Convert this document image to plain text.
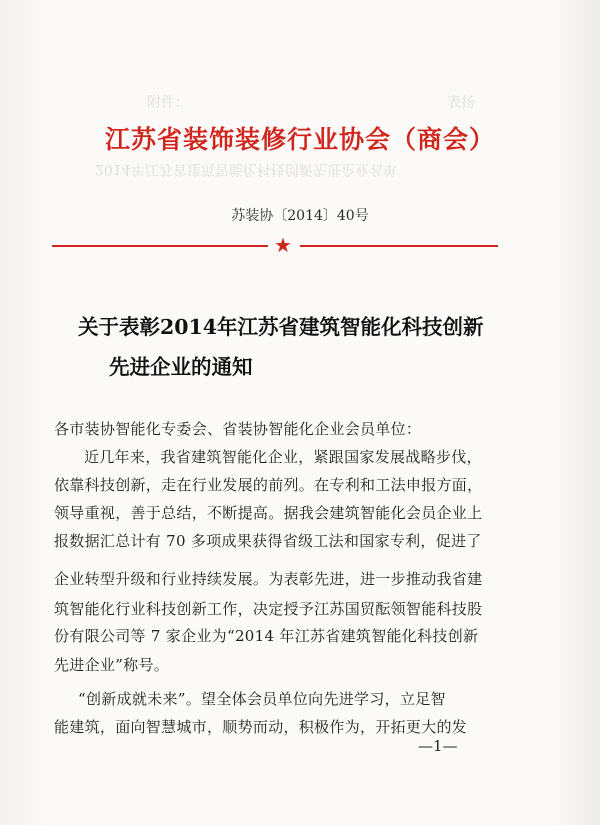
表扬
附件：
2014年江苏省建筑智能化科技创新先进企业名单
江苏省装饰装修行业协会（商会）
苏装协〔2014〕40号
★
关于表彰2014年江苏省建筑智能化科技创新
先进企业的通知
各市装协智能化专委会、省装协智能化企业会员单位：
近几年来，我省建筑智能化企业，紧跟国家发展战略步伐，
依靠科技创新，走在行业发展的前列。在专利和工法申报方面，
领导重视，善于总结，不断提高。据我会建筑智能化会员企业上
报数据汇总计有 70 多项成果获得省级工法和国家专利，促进了
企业转型升级和行业持续发展。为表彰先进，进一步推动我省建
筑智能化行业科技创新工作，决定授予江苏国贸酝领智能科技股
份有限公司等 7 家企业为“2014 年江苏省建筑智能化科技创新
先进企业”称号。
“创新成就未来”。望全体会员单位向先进学习，立足智
能建筑，面向智慧城市，顺势而动，积极作为，开拓更大的发
—1—
